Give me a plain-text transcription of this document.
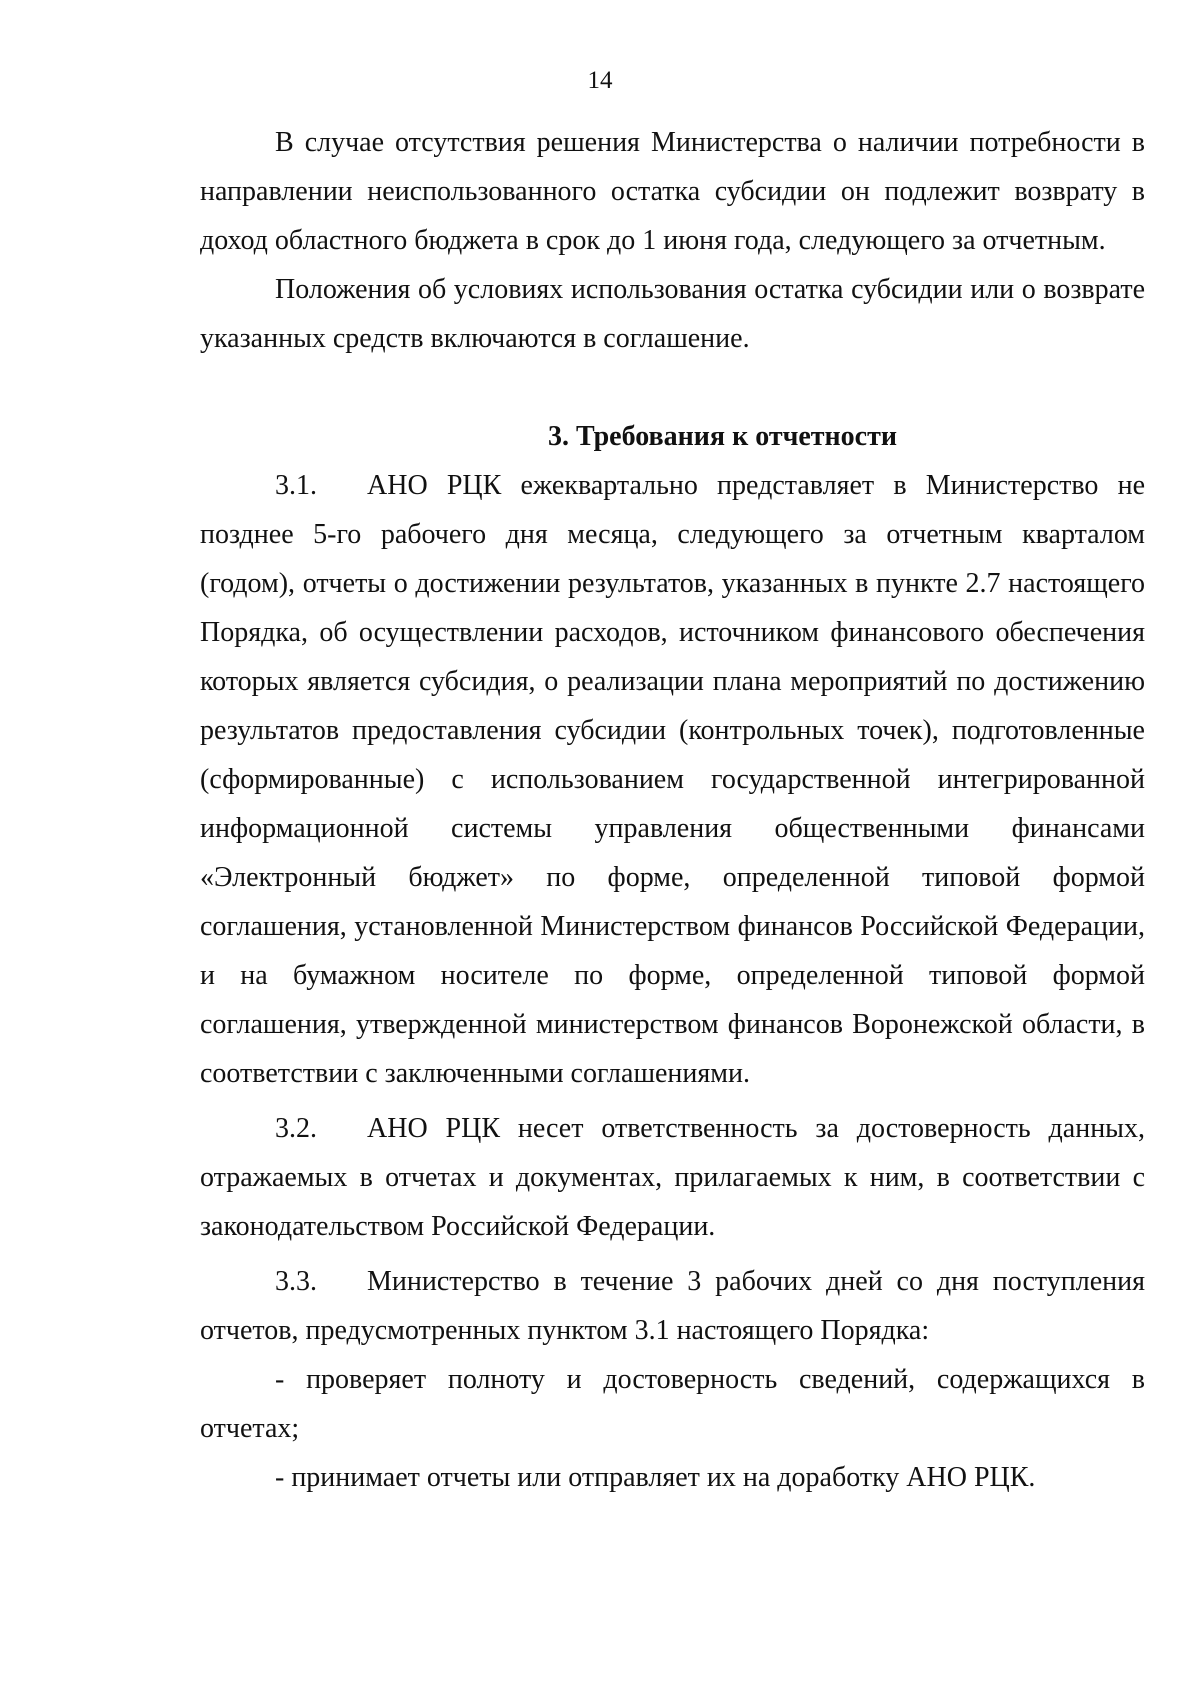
14

В случае отсутствия решения Министерства о наличии потребности в направлении неиспользованного остатка субсидии он подлежит возврату в доход областного бюджета в срок до 1 июня года, следующего за отчетным.

Положения об условиях использования остатка субсидии или о возврате указанных средств включаются в соглашение.

3. Требования к отчетности

3.1. АНО РЦК ежеквартально представляет в Министерство не позднее 5-го рабочего дня месяца, следующего за отчетным кварталом (годом), отчеты о достижении результатов, указанных в пункте 2.7 настоящего Порядка, об осуществлении расходов, источником финансового обеспечения которых является субсидия, о реализации плана мероприятий по достижению результатов предоставления субсидии (контрольных точек), подготовленные (сформированные) с использованием государственной интегрированной информационной системы управления общественными финансами «Электронный бюджет» по форме, определенной типовой формой соглашения, установленной Министерством финансов Российской Федерации, и на бумажном носителе по форме, определенной типовой формой соглашения, утвержденной министерством финансов Воронежской области, в соответствии с заключенными соглашениями.

3.2. АНО РЦК несет ответственность за достоверность данных, отражаемых в отчетах и документах, прилагаемых к ним, в соответствии с законодательством Российской Федерации.

3.3. Министерство в течение 3 рабочих дней со дня поступления отчетов, предусмотренных пунктом 3.1 настоящего Порядка:

- проверяет полноту и достоверность сведений, содержащихся в отчетах;

- принимает отчеты или отправляет их на доработку АНО РЦК.
